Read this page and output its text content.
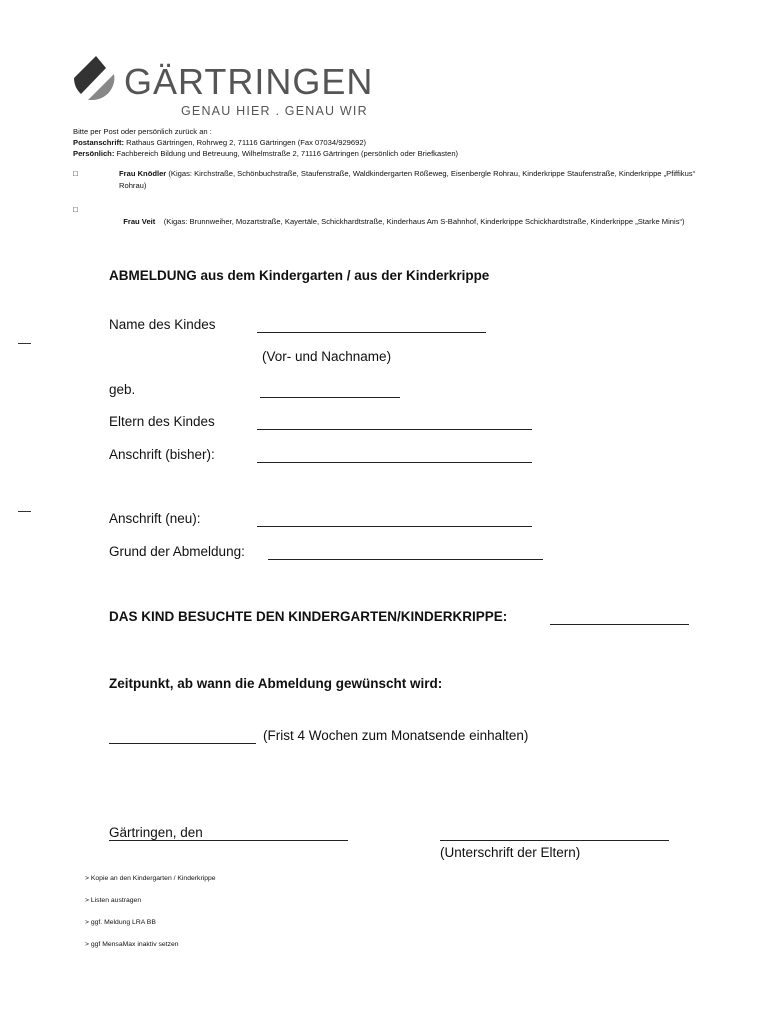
GÄRTRINGEN
GENAU HIER . GENAU WIR
Bitte per Post oder persönlich zurück an :
Postanschrift: Rathaus Gärtringen, Rohrweg 2, 71116 Gärtringen (Fax 07034/929692)
Persönlich: Fachbereich Bildung und Betreuung, Wilhelmstraße 2, 71116 Gärtringen (persönlich oder Briefkasten)
□	Frau Knödler (Kigas: Kirchstraße, Schönbuchstraße, Staufenstraße, Waldkindergarten Rößeweg, Eisenbergle Rohrau, Kinderkrippe Staufenstraße, Kinderkrippe „Pfiffikus“ Rohrau)
□

Frau Veit    (Kigas: Brunnweiher, Mozartstraße, Kayertäle, Schickhardtstraße, Kinderhaus Am S-Bahnhof, Kinderkrippe Schickhardtstraße, Kinderkrippe „Starke Minis“)

ABMELDUNG aus dem Kindergarten / aus der Kinderkrippe
Name des Kindes
(Vor- und Nachname)
geb.
Eltern des Kindes
Anschrift (bisher):
Anschrift (neu):
Grund der Abmeldung:
DAS KIND BESUCHTE DEN KINDERGARTEN/KINDERKRIPPE:
Zeitpunkt, ab wann die Abmeldung gewünscht wird:
(Frist 4 Wochen zum Monatsende einhalten)
Gärtringen, den
(Unterschrift der Eltern)
> Kopie an den Kindergarten / Kinderkrippe
> Listen austragen
> ggf. Meldung LRA BB
> ggf MensaMax inaktiv setzen
